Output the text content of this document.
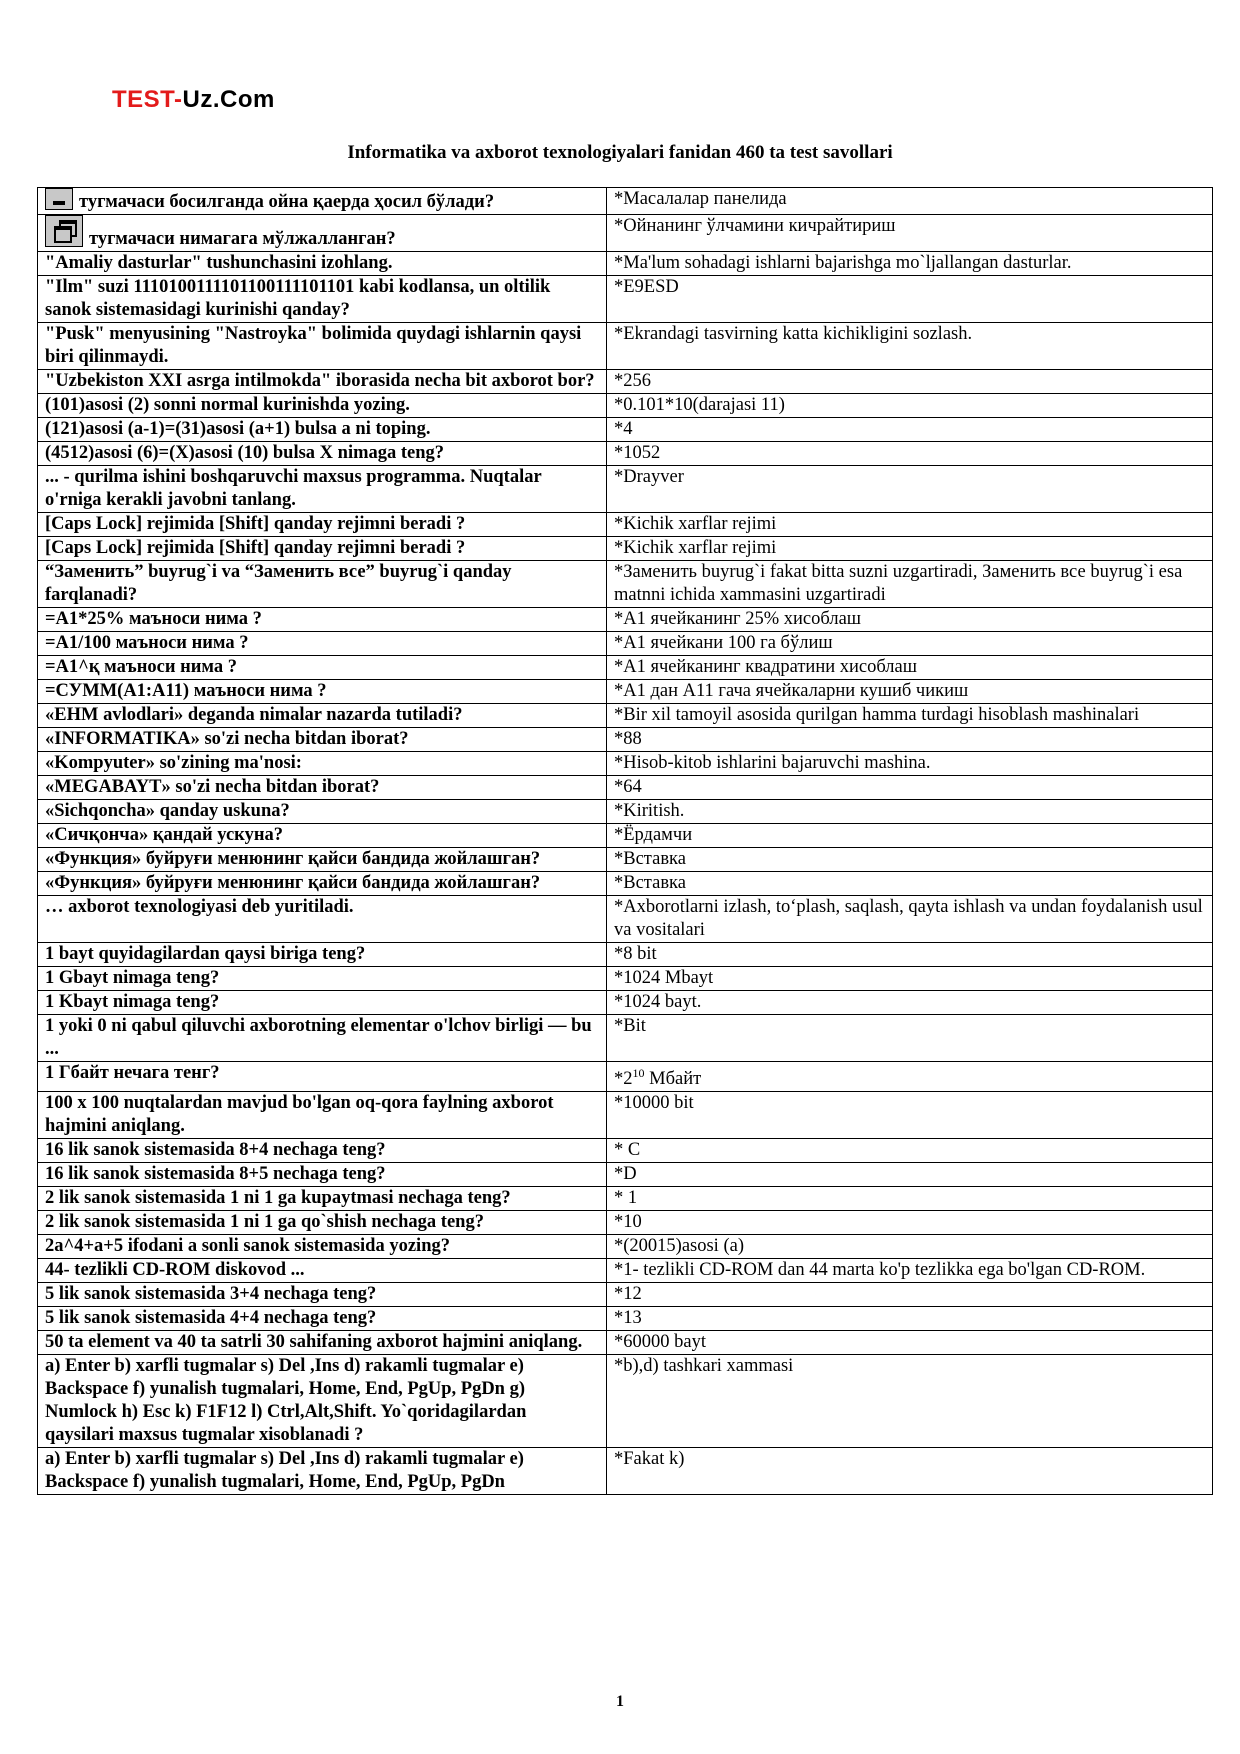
TEST-Uz.Com
Informatika va axborot texnologiyalari fanidan 460 ta test savollari
тугмачаси босилганда ойна қаерда ҳосил бўлади?	*Масалалар панелида

тугмачаси нимагага мўлжалланган?	*Ойнанинг ўлчамини кичрайтириш
"Amaliy dasturlar" tushunchasini izohlang.	*Ma'lum sohadagi ishlarni bajarishga mo`ljallangan dasturlar.
"Ilm" suzi 1110100111101100111101101 kabi kodlansa, un oltilik sanok sistemasidagi kurinishi qanday?	*E9ESD
"Pusk" menyusining "Nastroyka" bolimida quydagi ishlarnin qaysi biri qilinmaydi.	*Ekrandagi tasvirning katta kichikligini sozlash.
"Uzbekiston XXI asrga intilmokda" iborasida necha bit axborot bor?	*256
(101)asosi (2) sonni normal kurinishda yozing.	*0.101*10(darajasi 11)
(121)asosi (a-1)=(31)asosi (a+1) bulsa a ni toping.	*4
(4512)asosi (6)=(X)asosi (10) bulsa X nimaga teng?	*1052
... - qurilma ishini boshqaruvchi maxsus programma. Nuqtalar o'rniga kerakli javobni tanlang.	*Drayver
[Caps Lock] rejimida [Shift] qanday rejimni beradi ?	*Kichik xarflar rejimi
[Caps Lock] rejimida [Shift] qanday rejimni beradi ?	*Kichik xarflar rejimi
“Заменить” buyrug`i va “Заменить все” buyrug`i qanday farqlanadi?	*Заменить buyrug`i fakat bitta suzni uzgartiradi, Заменить все buyrug`i esa matnni ichida xammasini uzgartiradi
=A1*25% маъноси нима ?	*A1 ячейканинг 25% хисоблаш
=A1/100 маъноси нима ?	*A1 ячейкани 100 га бўлиш
=A1^қ маъноси нима ?	*A1 ячейканинг квадратини хисоблаш
=СУММ(A1:A11) маъноси нима ?	*A1 дан A11 гача ячейкаларни кушиб чикиш
«EHM avlodlari» deganda nimalar nazarda tutiladi?	*Bir xil tamoyil asosida qurilgan hamma turdagi hisoblash mashinalari
«INFORMATIKA» so'zi necha bitdan iborat?	*88
«Kompyuter» so'zining ma'nosi:	*Hisob-kitob ishlarini bajaruvchi mashina.
«MEGABAYT» so'zi necha bitdan iborat?	*64
«Sichqoncha» qanday uskuna?	*Kiritish.
«Сичқонча» қандай ускуна?	*Ёрдамчи
«Функция» буйруғи менюнинг қайси бандида жойлашган?	*Вставка
«Функция» буйруғи менюнинг қайси бандида жойлашган?	*Вставка
… axborot texnologiyasi deb yuritiladi.	*Axborotlarni izlash, to‘plash, saqlash, qayta ishlash va undan foydalanish usul va vositalari
1 bayt quyidagilardan qaysi biriga teng?	*8 bit
1 Gbayt nimaga teng?	*1024 Mbayt
1 Kbayt nimaga teng?	*1024 bayt.
1 yoki 0 ni qabul qiluvchi axborotning elementar o'lchov birligi — bu ...	*Bit
1 Гбайт нечага тенг?	$*2^{10}$ Мбайт
100 x 100 nuqtalardan mavjud bo'lgan oq-qora faylning axborot hajmini aniqlang.	*10000 bit
16 lik sanok sistemasida 8+4 nechaga teng?	* C
16 lik sanok sistemasida 8+5 nechaga teng?	*D
2 lik sanok sistemasida 1 ni 1 ga kupaytmasi nechaga teng?	* 1
2 lik sanok sistemasida 1 ni 1 ga qo`shish nechaga teng?	*10
2a^4+a+5 ifodani a sonli sanok sistemasida yozing?	*(20015)asosi (a)
44- tezlikli CD-ROM diskovod ...	*1- tezlikli CD-ROM dan 44 marta ko'p tezlikka ega bo'lgan CD-ROM.
5 lik sanok sistemasida 3+4 nechaga teng?	*12
5 lik sanok sistemasida 4+4 nechaga teng?	*13
50 ta element va 40 ta satrli 30 sahifaning axborot hajmini aniqlang.	*60000 bayt
a) Enter b) xarfli tugmalar s) Del ,Ins d) rakamli tugmalar e) Backspace f) yunalish tugmalari, Home, End, PgUp, PgDn g) Numlock h) Esc k) F1F12 l) Ctrl,Alt,Shift. Yo`qoridagilardan qaysilari maxsus tugmalar xisoblanadi ?	*b),d) tashkari xammasi
a) Enter b) xarfli tugmalar s) Del ,Ins d) rakamli tugmalar e) Backspace f) yunalish tugmalari, Home, End, PgUp, PgDn	*Fakat k)
1
